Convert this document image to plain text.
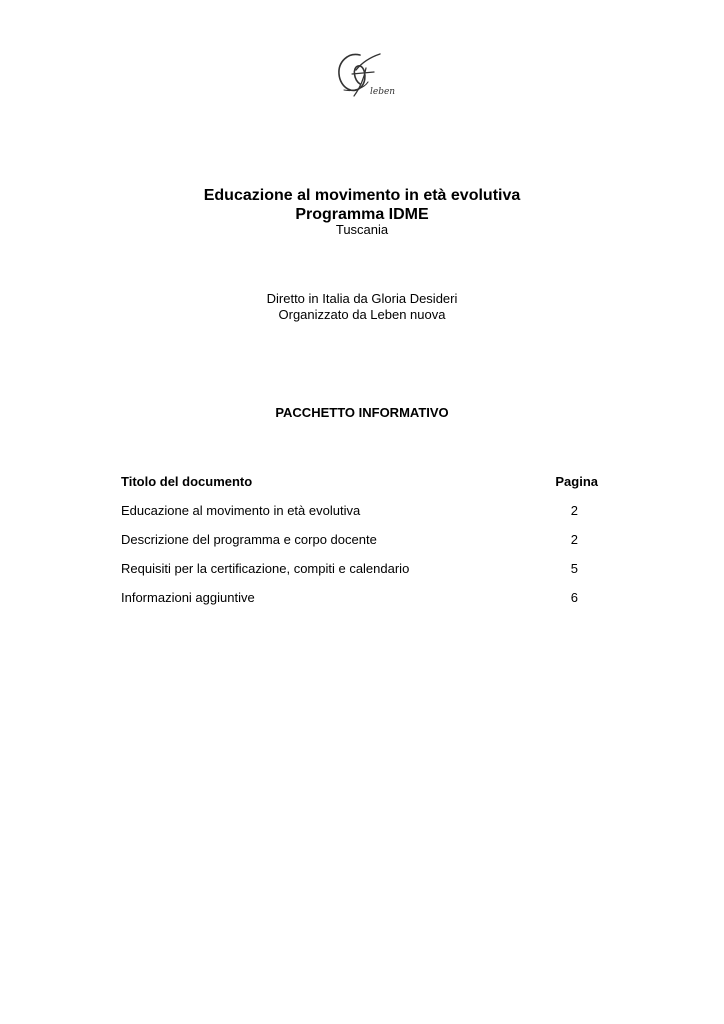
leben
Educazione al movimento in età evolutiva
Programma IDME
Tuscania
Diretto in Italia da Gloria Desideri
Organizzato da Leben nuova
PACCHETTO INFORMATIVO
Titolo del documento	Pagina
Educazione al movimento in età evolutiva	2
Descrizione del programma e corpo docente	2
Requisiti per la certificazione, compiti e calendario	5
Informazioni aggiuntive	6
